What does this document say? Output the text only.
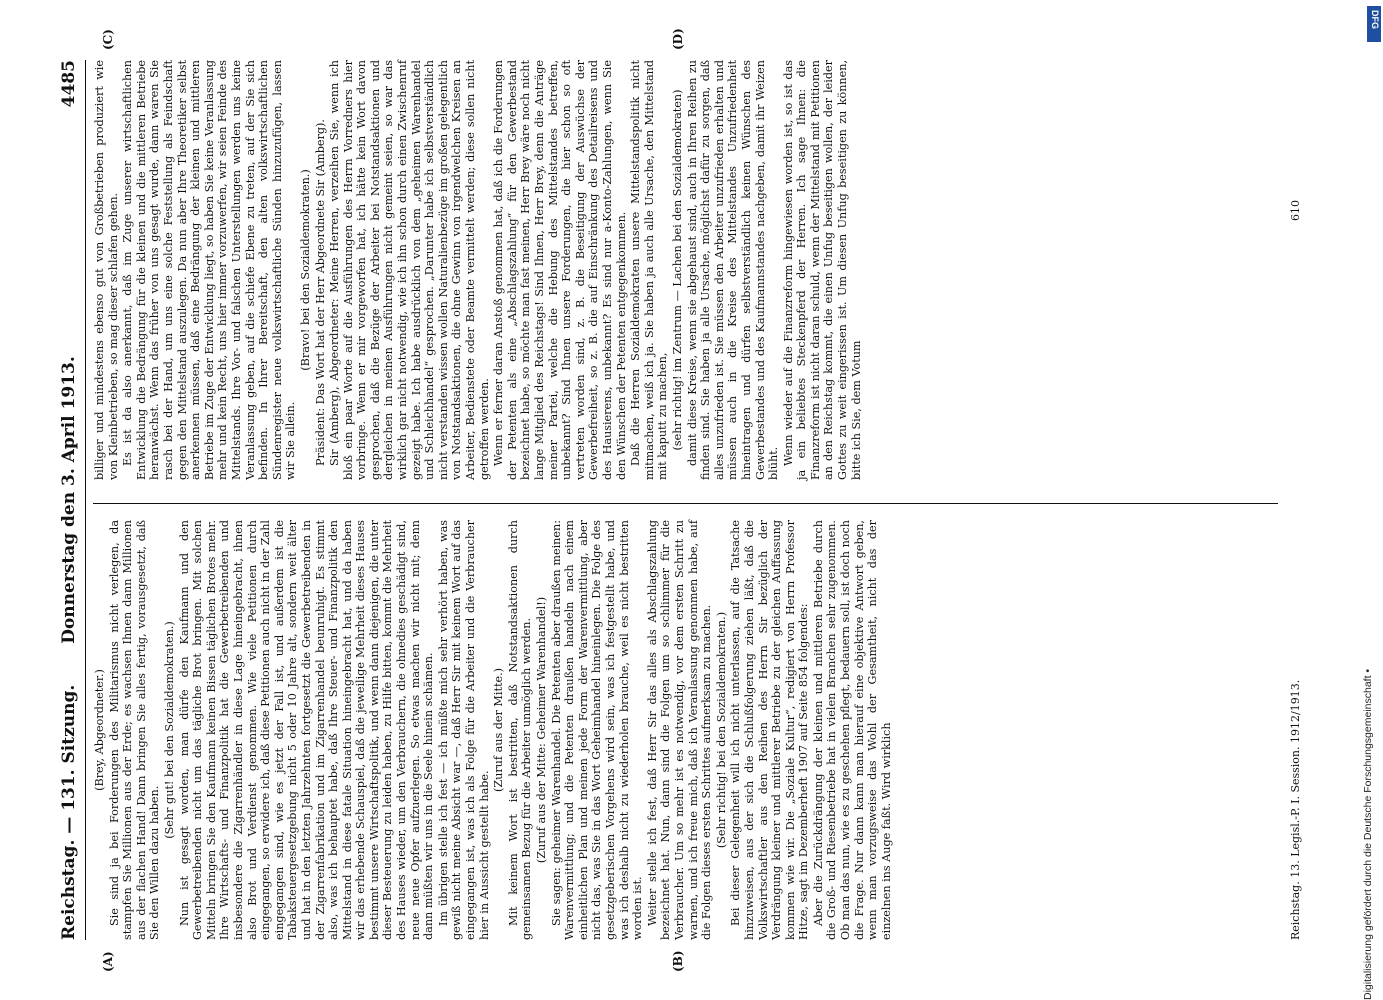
Reichstag. — 131. Sitzung.
Donnerstag den 3. April 1913.
4485
(A)	(B)
(C)	(D)

(Brey, Abgeordneter.) Sie sind ja bei Forderungen des Militarismus nicht verlegen, da stampfen Sie Millionen aus der Erde; es wachsen Ihnen dann Millionen aus der flachen Hand! Dann bringen Sie alles fertig, vorausgesetzt, daß Sie den Willen dazu haben.

(Sehr gut! bei den Sozialdemokraten.) Nun ist gesagt worden, man dürfe den Kaufmann und den Gewerbetreibenden nicht um das tägliche Brot bringen. Mit solchen Mitteln bringen Sie den Kaufmann keinen Bissen täglichen Brotes mehr. Ihre Wirtschafts- und Finanzpolitik hat die Gewerbetreibenden und insbesondere die Zigarrenhändler in diese Lage hineingebracht, ihnen also Brot und Verdienst genommen. Wie viele Petitionen durch eingegangen, so erwidere ich, daß diese Petitionen auch nicht in der Zahl eingegangen sind, wie es jetzt der Fall ist, und außerdem ist die Tabaksteuergesetzgebung nicht 5 oder 10 Jahre alt, sondern weit älter und hat in den letzten Jahrzehnten fortgesetzt die Gewerbetreibenden in der Zigarrenfabrikation und im Zigarrenhandel beunruhigt. Es stimmt also, was ich behauptet habe, daß Ihre Steuer- und Finanzpolitik den Mittelstand in diese fatale Situation hineingebracht hat, und da haben wir das erhebende Schauspiel, daß die jeweilige Mehrheit dieses Hauses bestimmt unsere Wirtschaftspolitik, und wenn dann diejenigen, die unter dieser Besteuerung zu leiden haben, zu Hilfe bitten, kommt die Mehrheit des Hauses wieder, um den Verbrauchern, die ohnedies geschädigt sind, neue neue Opfer aufzuerlegen. So etwas machen wir nicht mit; denn dann müßten wir uns in die Seele hinein schämen. Im übrigen stelle ich fest — ich müßte mich sehr verhört haben, was gewiß nicht meine Absicht war —, daß Herr Sir mit keinem Wort auf das eingegangen ist, was ich als Folge für die Arbeiter und die Verbraucher hier in Aussicht gestellt habe.

(Zuruf aus der Mitte.) Mit keinem Wort ist bestritten, daß Notstandsaktionen durch gemeinsamen Bezug für die Arbeiter unmöglich werden. (Zuruf aus der Mitte: Geheimer Warenhandel!) Sie sagen: geheimer Warenhandel. Die Petenten aber draußen meinen: Warenvermittlung; und die Petenten draußen handeln nach einem einheitlichen Plan und meinen jede Form der Warenvermittlung, aber nicht das, was Sie in das Wort Geheimhandel hineinlegen. Die Folge des gesetzgeberischen Vorgehens wird sein, was ich festgestellt habe, und was ich deshalb nicht zu wiederholen brauche, weil es nicht bestritten worden ist. Weiter stelle ich fest, daß Herr Sir das alles als Abschlagszahlung bezeichnet hat. Nun, dann sind die Folgen um so schlimmer für die Verbraucher. Um so mehr ist es notwendig, vor dem ersten Schritt zu warnen, und ich freue mich, daß ich Veranlassung genommen habe, auf die Folgen dieses ersten Schrittes aufmerksam zu machen. (Sehr richtig! bei den Sozialdemokraten.) Bei dieser Gelegenheit will ich nicht unterlassen, auf die Tatsache hinzuweisen, aus der sich die Schlußfolgerung ziehen läßt, daß die Volkswirtschaftler aus den Reihen des Herrn Sir bezüglich der Verdrängung kleiner und mittlerer Betriebe zu der gleichen Auffassung kommen wie wir. Die „Soziale Kultur“, redigiert von Herrn Professor Hitze, sagt im Dezemberheft 1907 auf Seite 854 folgendes: Aber die Zurückdrängung der kleinen und mittleren Betriebe durch die Groß- und Riesenbetriebe hat in vielen Branchen sehr zugenommen. Ob man das nun, wie es zu geschehen pflegt, bedauern soll, ist doch noch die Frage. Nur dann kann man hierauf eine objektive Antwort geben, wenn man vorzugsweise das Wohl der Gesamtheit, nicht das der einzelnen ins Auge faßt. Wird wirklich

billiger und mindestens ebenso gut von Großbetrieben produziert wie von Kleinbetrieben, so mag dieser schlafen gehen. Es ist da also anerkannt, daß im Zuge unserer wirtschaftlichen Entwicklung die Bedrängung für die kleinen und die mittleren Betriebe heranwächst. Wenn das früher von uns gesagt wurde, dann waren Sie rasch bei der Hand, um uns eine solche Feststellung als Feindschaft gegen den Mittelstand auszulegen. Da nun aber Ihre Theoretiker selbst anerkennen müssen, daß eine Bedrängung der kleinen und mittleren Betriebe im Zuge der Entwicklung liegt, so haben Sie keine Veranlassung mehr und kein Recht, uns hier immer vorzuwerfen, wir seien Feinde des Mittelstands. Ihre Vor- und falschen Unterstellungen werden uns keine Veranlassung geben, auf die schiefe Ebene zu treten, auf der Sie sich befinden. In Ihrer Bereitschaft, den alten volkswirtschaftlichen Sündenregister neue volkswirtschaftliche Sünden hinzuzufügen, lassen wir Sie allein.

(Bravo! bei den Sozialdemokraten.) Präsident: Das Wort hat der Herr Abgeordnete Sir (Amberg). Sir (Amberg), Abgeordneter: Meine Herren, verzeihen Sie, wenn ich bloß ein paar Worte auf die Ausführungen des Herrn Vorredners hier vorbringe. Wenn er mir vorgeworfen hat, ich hätte kein Wort davon gesprochen, daß die Bezüge der Arbeiter bei Notstandsaktionen und dergleichen in meinen Ausführungen nicht gemeint seien, so war das wirklich gar nicht notwendig, wie ich ihn schon durch einen Zwischenruf gezeigt habe. Ich habe ausdrücklich von dem „geheimen Warenhandel und Schleichhandel“ gesprochen. „Darunter habe ich selbstverständlich nicht verstanden wissen wollen Naturalienbezüge im großen gelegentlich von Notstandsaktionen, die ohne Gewinn von irgendwelchen Kreisen an Arbeiter, Bedienstete oder Beamte vermittelt werden; diese sollen nicht getroffen werden. Wenn er ferner daran Anstoß genommen hat, daß ich die Forderungen der Petenten als eine „Abschlagszahlung“ für den Gewerbestand bezeichnet habe, so möchte man fast meinen, Herr Brey wäre noch nicht lange Mitglied des Reichstags! Sind Ihnen, Herr Brey, denn die Anträge meiner Partei, welche die Hebung des Mittelstandes betreffen, unbekannt? Sind Ihnen unsere Forderungen, die hier schon so oft vertreten worden sind, z. B. die Beseitigung der Auswüchse der Gewerbefreiheit, so z. B. die auf Einschränkung des Detailreisens und des Hausierens, unbekannt? Es sind nur a-Konto-Zahlungen, wenn Sie den Wünschen der Petenten entgegenkommen. Daß die Herren Sozialdemokraten unsere Mittelstandspolitik nicht mitmachen, weiß ich ja. Sie haben ja auch alle Ursache, den Mittelstand mit kaputt zu machen, (sehr richtig! im Zentrum — Lachen bei den Sozialdemokraten) damit diese Kreise, wenn sie abgehaust sind, auch in Ihren Reihen zu finden sind. Sie haben ja alle Ursache, möglichst dafür zu sorgen, daß alles unzufrieden ist. Sie müssen den Arbeiter unzufrieden erhalten und müssen auch in die Kreise des Mittelstandes Unzufriedenheit hineintragen und dürfen selbstverständlich keinen Wünschen des Gewerbestandes und des Kaufmannstandes nachgeben, damit ihr Weizen blüht. Wenn wieder auf die Finanzreform hingewiesen worden ist, so ist das ja ein beliebtes Steckenpferd der Herren. Ich sage Ihnen: die Finanzreform ist nicht daran schuld, wenn der Mittelstand mit Petitionen an den Reichstag kommt, die einen Unfug beseitigen wollen, der leider Gottes zu weit eingerissen ist. Um diesen Unfug beseitigen zu können, bitte ich Sie, dem Votum

Reichstag. 13. Legisl.-P. I. Session. 1912/1913.
610
Digitalisierung gefördert durch die Deutsche Forschungsgemeinschaft •
DFG
